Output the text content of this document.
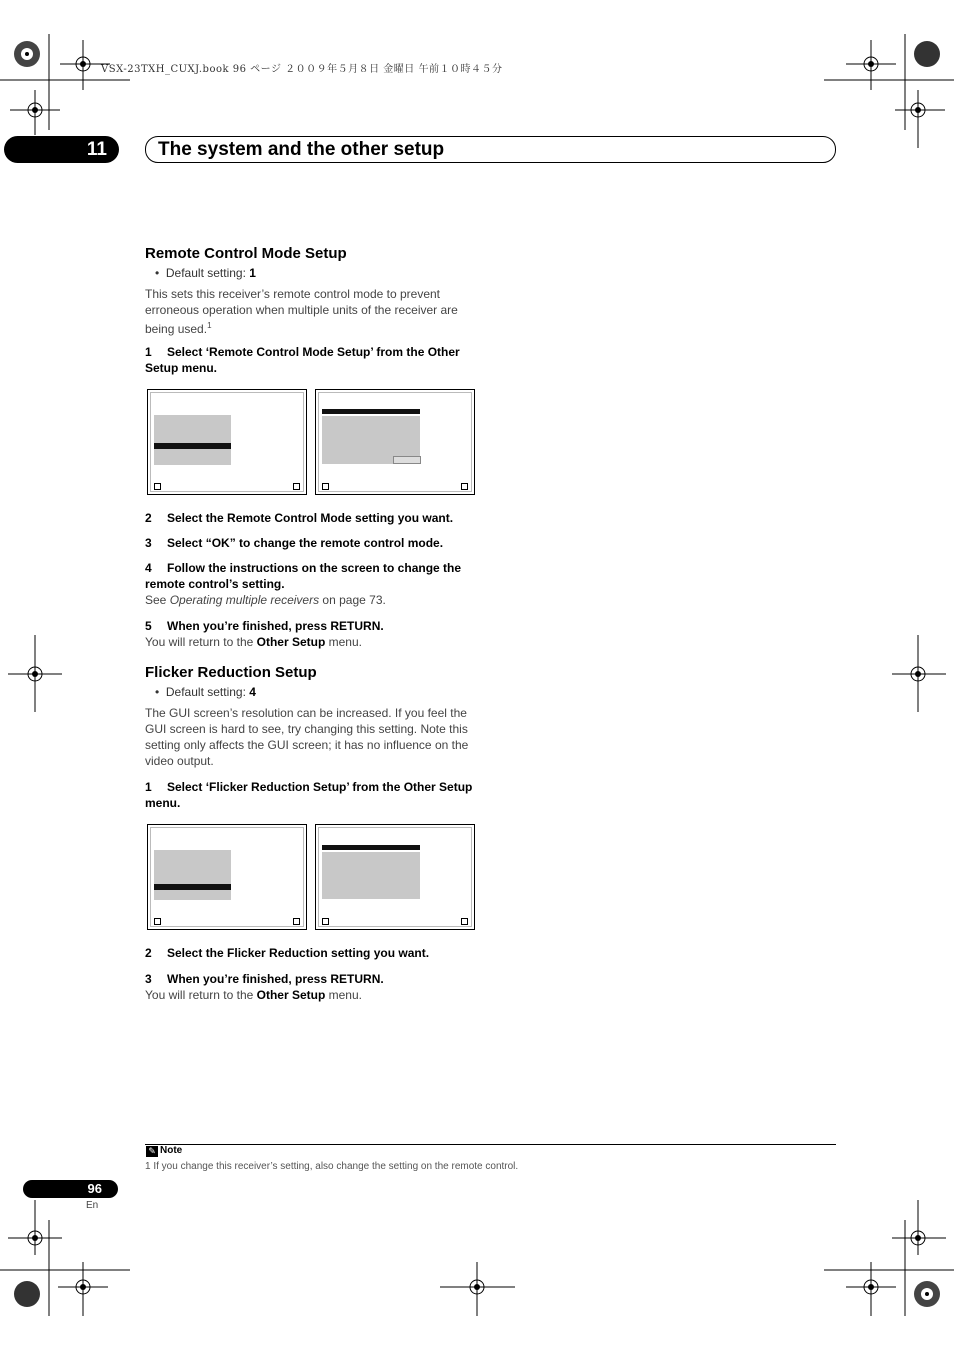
VSX-23TXH_CUXJ.book 96 ページ ２００９年５月８日 金曜日 午前１０時４５分
11	The system and the other setup
Remote Control Mode Setup
•  Default setting: 1
This sets this receiver’s remote control mode to prevent erroneous operation when multiple units of the receiver are being used.$^1$
1 Select ‘Remote Control Mode Setup’ from the Other Setup menu.
2 Select the Remote Control Mode setting you want.
3 Select “OK” to change the remote control mode.
4 Follow the instructions on the screen to change the remote control’s setting.
See Operating multiple receivers on page 73.
5 When you’re finished, press RETURN.
You will return to the Other Setup menu.
Flicker Reduction Setup
•  Default setting: 4
The GUI screen’s resolution can be increased. If you feel the GUI screen is hard to see, try changing this setting. Note this setting only affects the GUI screen; it has no influence on the video output.
1 Select ‘Flicker Reduction Setup’ from the Other Setup menu.
2 Select the Flicker Reduction setting you want.
3 When you’re finished, press RETURN.
You will return to the Other Setup menu.
✎ Note
1 If you change this receiver’s setting, also change the setting on the remote control.
96
En
